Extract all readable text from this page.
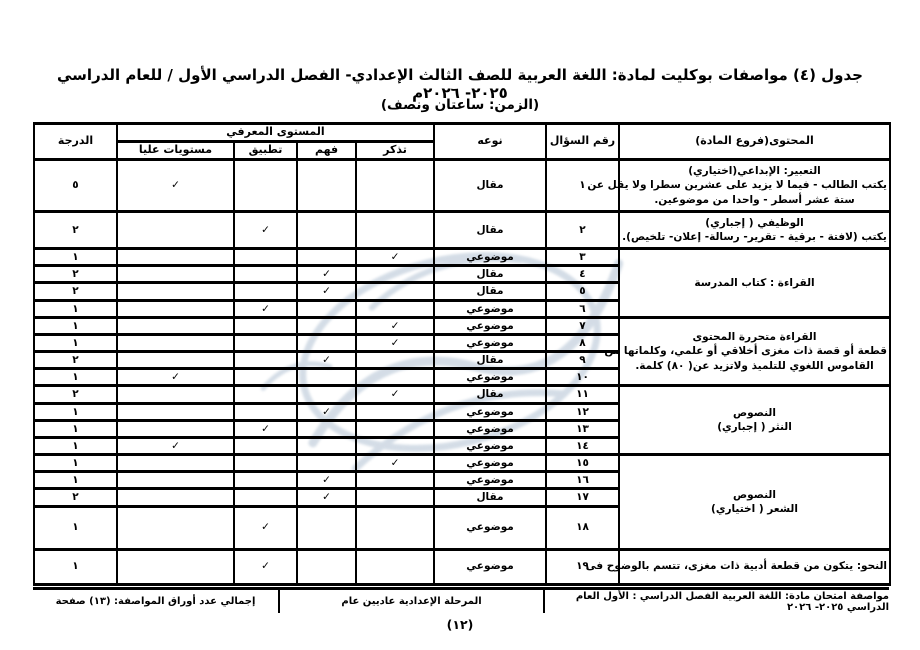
جدول (٤) مواصفات بوكليت لمادة: اللغة العربية للصف الثالث الإعدادي- الفصل الدراسي الأول / للعام الدراسي ٢٠٢٥- ٢٠٢٦م
(الزمن: ساعتان ونصف)
المحتوى(فروع المادة)	رقم السؤال	نوعه	المستوى المعرفي				الدرجة
			تذكر	فهم	تطبيق	مستويات عليا	

التعبير: الإبداعي(اختياري)
يكتب الطالب - فيما لا يزيد على عشرين سطرا ولا يقل عن
ستة عشر أسطر - واحدا من موضوعين.	١	مقال				✓	٥

الوظيفي ( إجباري)
يكتب (لافتة - برقية - تقرير- رسالة- إعلان- تلخيص).	٢	مقال			✓		٢

القراءة : كتاب المدرسة	٣	موضوعي	✓				١
	٤	مقال		✓			٢
	٥	مقال		✓			٢
	٦	موضوعي			✓		١

القراءة متحررة المحتوى
قطعة أو قصة ذات مغزى أخلاقي أو علمي، وكلماتها من
القاموس اللغوي للتلميذ ولاتزيد عن( ٨٠) كلمة.	٧	موضوعي	✓				١
	٨	موضوعي	✓				١
	٩	مقال		✓			٢
	١٠	موضوعي				✓	١

النصوص
النثر ( إجباري)	١١	مقال	✓				٢
	١٢	موضوعي		✓			١
	١٣	موضوعي			✓		١
	١٤	موضوعي				✓	١

النصوص
الشعر ( اختياري)	١٥	موضوعي	✓				١
	١٦	موضوعي		✓			١
	١٧	مقال		✓			٢
	١٨	موضوعي			✓		١

النحو: يتكون من قطعة أدبية ذات مغزى، تتسم بالوضوح فى	١٩	موضوعي			✓		١
مواصفة امتحان مادة: اللغة العربية الفصل الدراسي : الأول العام الدراسي ٢٠٢٥- ٢٠٢٦
المرحلة الإعدادية عاديين عام
إجمالي عدد أوراق المواصفة: (١٣) صفحة
(١٢)
